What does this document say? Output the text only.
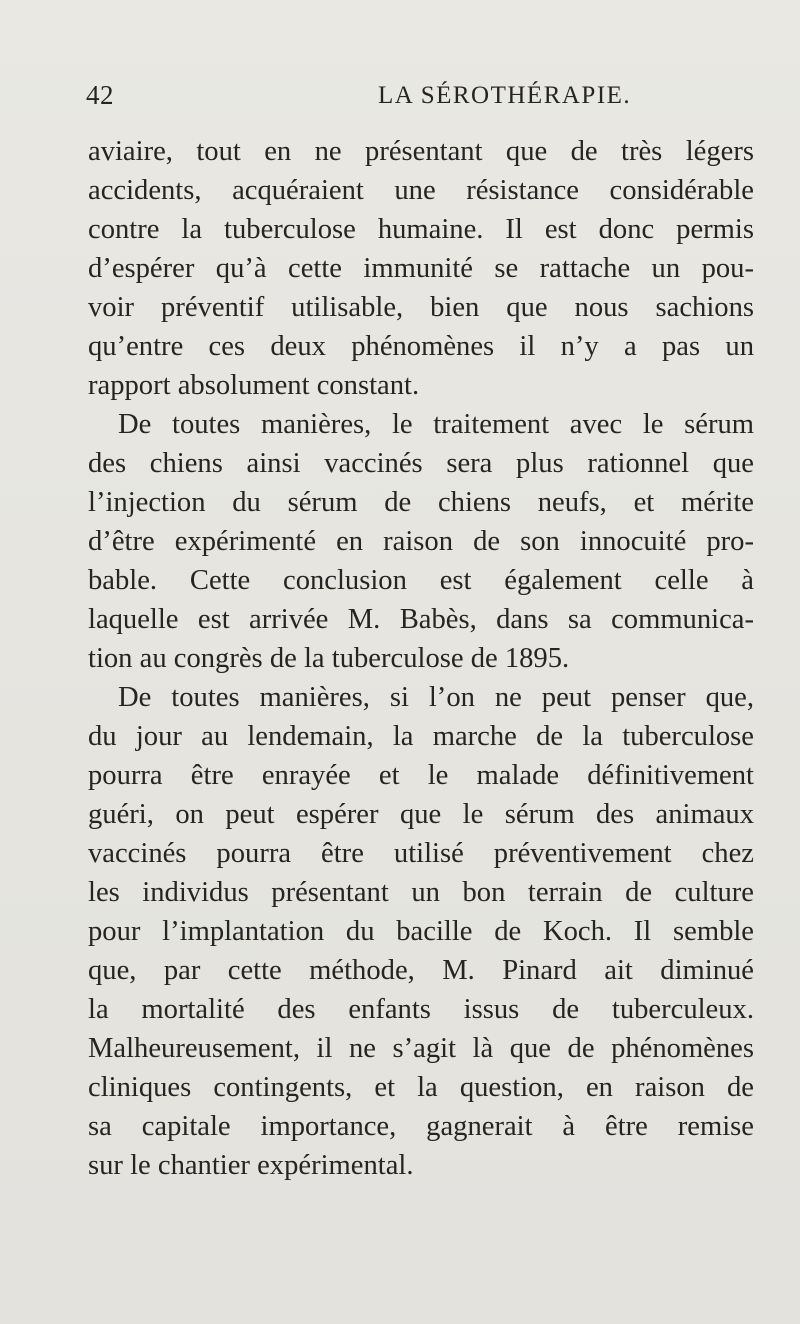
42	LA SÉROTHÉRAPIE.
aviaire, tout en ne présentant que de très légers
accidents, acquéraient une résistance considérable
contre la tuberculose humaine. Il est donc permis
d’espérer qu’à cette immunité se rattache un pou-
voir préventif utilisable, bien que nous sachions
qu’entre ces deux phénomènes il n’y a pas un
rapport absolument constant.
De toutes manières, le traitement avec le sérum
des chiens ainsi vaccinés sera plus rationnel que
l’injection du sérum de chiens neufs, et mérite
d’être expérimenté en raison de son innocuité pro-
bable. Cette conclusion est également celle à
laquelle est arrivée M. Babès, dans sa communica-
tion au congrès de la tuberculose de 1895.
De toutes manières, si l’on ne peut penser que,
du jour au lendemain, la marche de la tuberculose
pourra être enrayée et le malade définitivement
guéri, on peut espérer que le sérum des animaux
vaccinés pourra être utilisé préventivement chez
les individus présentant un bon terrain de culture
pour l’implantation du bacille de Koch. Il semble
que, par cette méthode, M. Pinard ait diminué
la mortalité des enfants issus de tuberculeux.
Malheureusement, il ne s’agit là que de phénomènes
cliniques contingents, et la question, en raison de
sa capitale importance, gagnerait à être remise
sur le chantier expérimental.
